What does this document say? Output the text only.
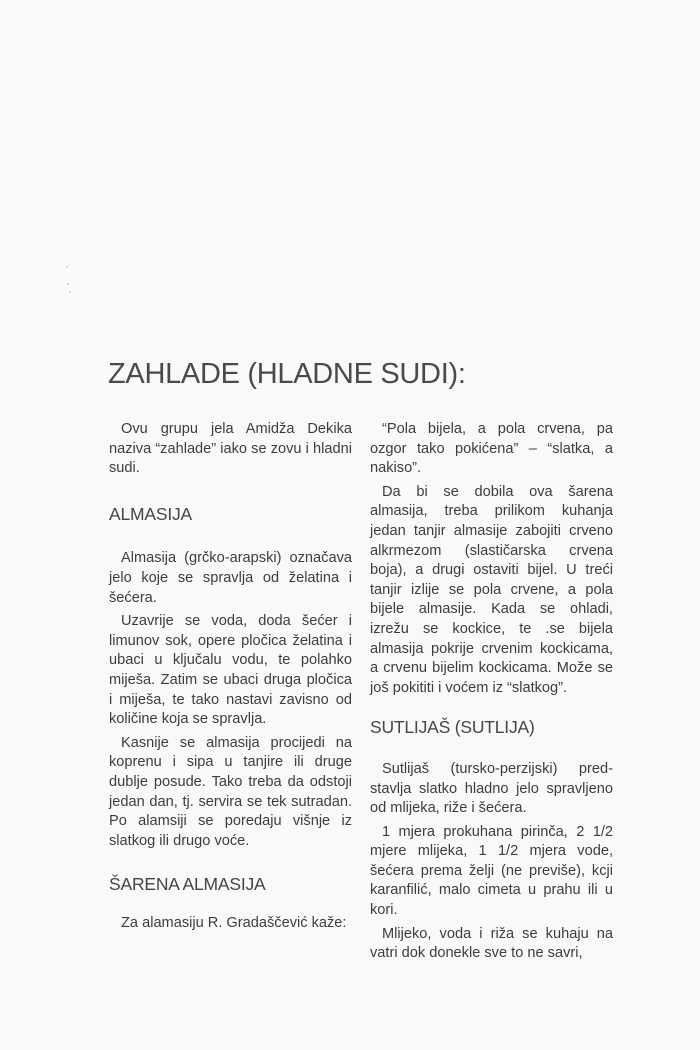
ZAHLADE (HLADNE SUDI):

Ovu grupu jela Amidža Dekika naziva “zahlade” iako se zovu i hladni sudi.

ALMASIJA

Almasija (grčko-arapski) označava jelo koje se spravlja od želatina i šećera.

Uzavrije se voda, doda šećer i limunov sok, opere pločica želatina i ubaci u ključalu vodu, te polahko miješa. Zatim se ubaci druga pločica i miješa, te tako nastavi zavisno od količine koja se spravlja.

Kasnije se almasija procijedi na koprenu i sipa u tanjire ili druge dublje posude. Tako treba da odstoji jedan dan, tj. servira se tek sutradan. Po alamsiji se poredaju višnje iz slatkog ili drugo voće.

ŠARENA ALMASIJA

Za alamasiju R. Gradaščević kaže:

“Pola bijela, a pola crvena, pa ozgor tako pokićena” – “slatka, a nakiso”.

Da bi se dobila ova šarena almasija, treba prilikom kuhanja jedan tanjir almasije zabojiti crveno alkrmezom (slastičarska crvena boja), a drugi ostaviti bijel. U treći tanjir izlije se pola crvene, a pola bijele almasije. Kada se ohladi, izrežu se kockice, te .se bijela almasija pokrije crvenim kockicama, a crvenu bijelim kockicama. Može se još pokititi i voćem iz “slatkog”.

SUTLIJAŠ (SUTLIJA)

Sutlijaš (tursko-perzijski) predstavlja slatko hladno jelo spravljeno od mlijeka, riže i šećera.

1 mjera prokuhana pirinča, 2 1/2 mjere mlijeka, 1 1/2 mjera vode, šećera prema želji (ne previše), kcji karanfilić, malo cimeta u prahu ili u kori.

Mlijeko, voda i riža se kuhaju na vatri dok donekle sve to ne savri,
